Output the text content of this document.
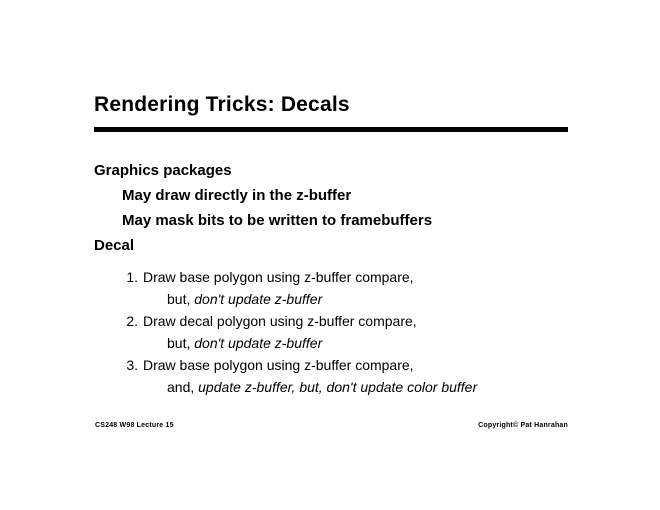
Rendering Tricks: Decals

Graphics packages

May draw directly in the z-buffer

May mask bits to be written to framebuffers

Decal

1. Draw base polygon using z-buffer compare,

but, don't update z-buffer

2. Draw decal polygon using z-buffer compare,

but, don't update z-buffer

3. Draw base polygon using z-buffer compare,

and, update z-buffer, but, don't update color buffer

CS248 W98 Lecture 15	Copyright© Pat Hanrahan
